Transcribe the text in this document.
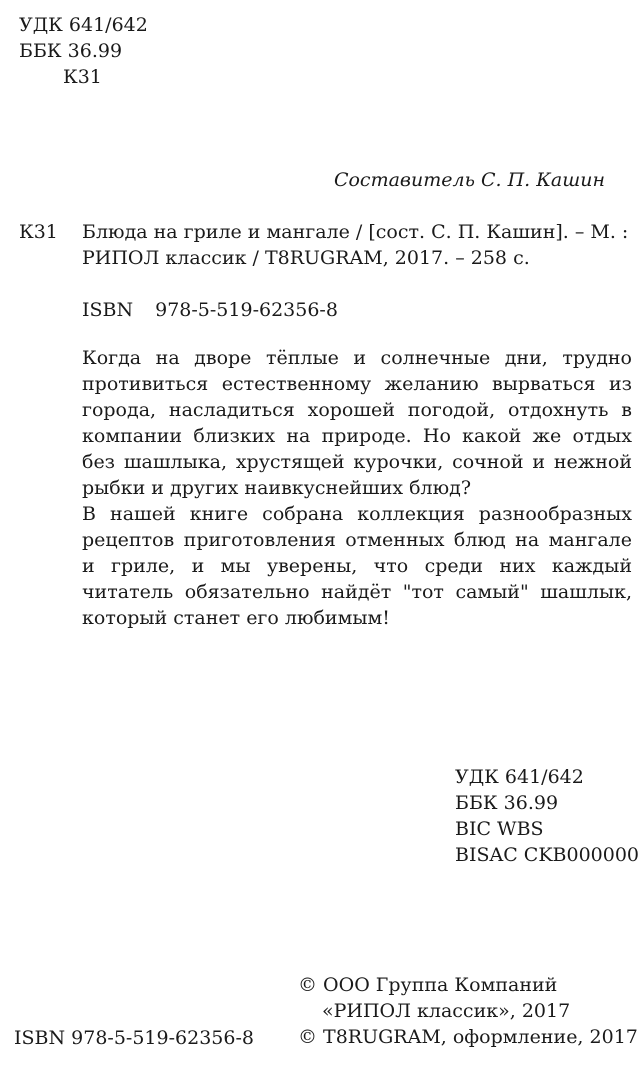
УДК 641/642
ББК 36.99
К31
Составитель С. П. Кашин
К31 Блюда на гриле и мангале / [сост. С. П. Кашин]. – М. :
РИПОЛ классик / T8RUGRAM, 2017. – 258 с.
ISBN 978-5-519-62356-8

Когда на дворе тёплые и солнечные дни, трудно противиться естественному желанию вырваться из города, насладиться хорошей погодой, отдохнуть в компании близких на природе. Но какой же отдых без шашлыка, хрустящей курочки, сочной и нежной рыбки и других наивкуснейших блюд?

В нашей книге собрана коллекция разнообразных рецептов приготовления отменных блюд на мангале и гриле, и мы уверены, что среди них каждый читатель обязательно найдёт "тот самый" шашлык, который станет его любимым!

УДК 641/642
ББК 36.99
BIC WBS
BISAC CKB000000
ISBN 978-5-519-62356-8
© ООО Группа Компаний
«РИПОЛ классик», 2017
© T8RUGRAM, оформление, 2017
